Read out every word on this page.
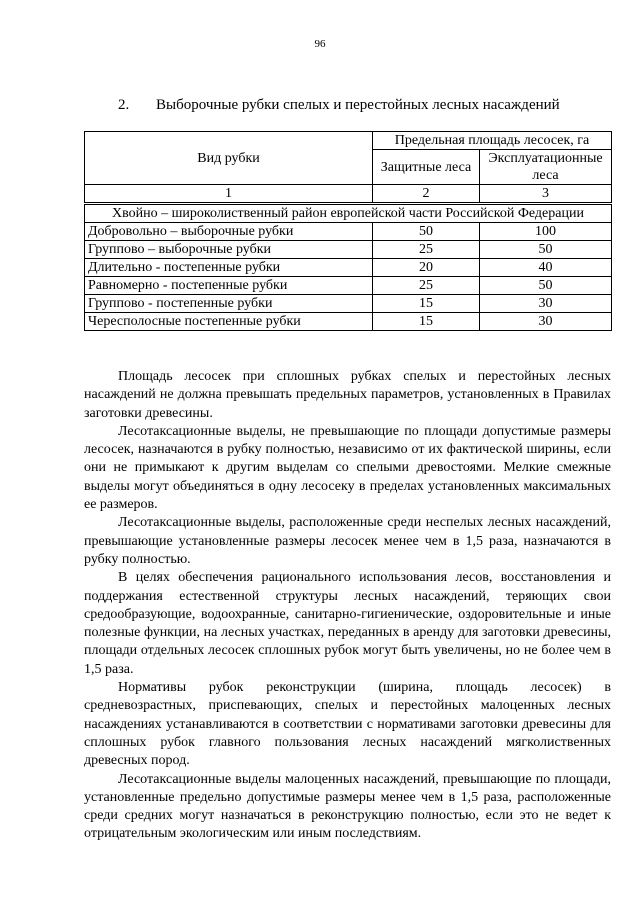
96
2. Выборочные рубки спелых и перестойных лесных насаждений
Вид рубки	Предельная площадь лесосек, га	
	Защитные леса	Эксплуатационные леса
1	2	3
Хвойно – широколиственный район европейской части Российской Федерации		
Добровольно – выборочные рубки	50	100
Группово – выборочные рубки	25	50
Длительно - постепенные рубки	20	40
Равномерно - постепенные рубки	25	50
Группово - постепенные рубки	15	30
Чересполосные постепенные рубки	15	30

Площадь лесосек при сплошных рубках спелых и перестойных лесных насаждений не должна превышать предельных параметров, установленных в Правилах заготовки древесины.

Лесотаксационные выделы, не превышающие по площади допустимые размеры лесосек, назначаются в рубку полностью, независимо от их фактической ширины, если они не примыкают к другим выделам со спелыми древостоями. Мелкие смежные выделы могут объединяться в одну лесосеку в пределах установленных максимальных ее размеров.

Лесотаксационные выделы, расположенные среди неспелых лесных насаждений, превышающие установленные размеры лесосек менее чем в 1,5 раза, назначаются в рубку полностью.

В целях обеспечения рационального использования лесов, восстановления и поддержания естественной структуры лесных насаждений, теряющих свои средообразующие, водоохранные, санитарно-гигиенические, оздоровительные и иные полезные функции, на лесных участках, переданных в аренду для заготовки древесины, площади отдельных лесосек сплошных рубок могут быть увеличены, но не более чем в 1,5 раза.

Нормативы рубок реконструкции (ширина, площадь лесосек) в средневозрастных, приспевающих, спелых и перестойных малоценных лесных насаждениях устанавливаются в соответствии с нормативами заготовки древесины для сплошных рубок главного пользования лесных насаждений мягколиственных древесных пород.

Лесотаксационные выделы малоценных насаждений, превышающие по площади, установленные предельно допустимые размеры менее чем в 1,5 раза, расположенные среди средних могут назначаться в реконструкцию полностью, если это не ведет к отрицательным экологическим или иным последствиям.
